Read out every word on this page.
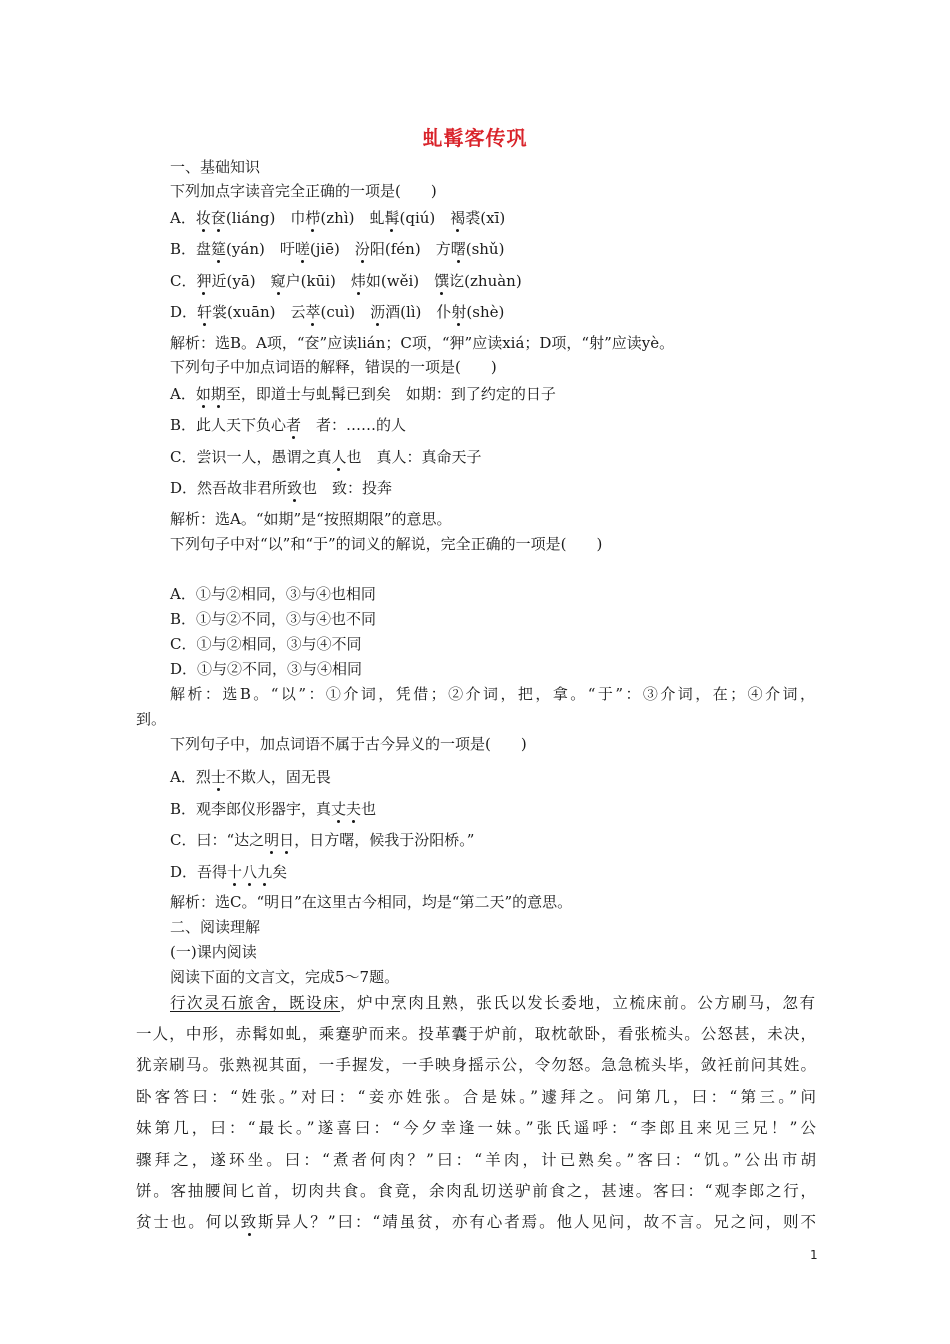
虬髯客传巩
一、基础知识
下列加点字读音完全正确的一项是(　　)
A．妆奁(liáng)　巾栉(zhì)　虬髯(qiú)　褐裘(xī)
B．盘筵(yán)　吁嗟(jiē)　汾阳(fén)　方曙(shǔ)
C．狎近(yā)　窥户(kūi)　炜如(wěi)　馔讫(zhuàn)
D．轩裳(xuān)　云萃(cuì)　沥酒(lì)　仆射(shè)
解析：选B。A项，“奁”应读lián；C项，“狎”应读xiá；D项，“射”应读yè。
下列句子中加点词语的解释，错误的一项是(　　)
A．如期至，即道士与虬髯已到矣　如期：到了约定的日子
B．此人天下负心者　者：……的人
C．尝识一人，愚谓之真人也　真人：真命天子
D．然吾故非君所致也　致：投奔
解析：选A。“如期”是“按照期限”的意思。
下列句子中对“以”和“于”的词义的解说，完全正确的一项是(　　)
A．①与②相同，③与④也相同
B．①与②不同，③与④也不同
C．①与②相同，③与④不同
D．①与②不同，③与④相同
解析：选B。“以”：①介词，凭借；②介词，把，拿。“于”：③介词，在；④介词，
到。
下列句子中，加点词语不属于古今异义的一项是(　　)
A．烈士不欺人，固无畏
B．观李郎仪形器宇，真丈夫也
C．曰：“达之明日，日方曙，候我于汾阳桥。”
D．吾得十八九矣
解析：选C。“明日”在这里古今相同，均是“第二天”的意思。
二、阅读理解
(一)课内阅读
阅读下面的文言文，完成5～7题。
行次灵石旅舍，既设床，炉中烹肉且熟，张氏以发长委地，立梳床前。公方刷马，忽有
一人，中形，赤髯如虬，乘蹇驴而来。投革囊于炉前，取枕欹卧，看张梳头。公怒甚，未决，
犹亲刷马。张熟视其面，一手握发，一手映身摇示公，令勿怒。急急梳头毕，敛衽前问其姓。
卧客答曰：“姓张。”对曰：“妾亦姓张。合是妹。”遽拜之。问第几，曰：“第三。”问
妹第几，曰：“最长。”遂喜曰：“今夕幸逢一妹。”张氏遥呼：“李郎且来见三兄！”公
骤拜之，遂环坐。曰：“煮者何肉？”曰：“羊肉，计已熟矣。”客曰：“饥。”公出市胡
饼。客抽腰间匕首，切肉共食。食竟，余肉乱切送驴前食之，甚速。客曰：“观李郎之行，
贫士也。何以致斯异人？”曰：“靖虽贫，亦有心者焉。他人见问，故不言。兄之问，则不
1
